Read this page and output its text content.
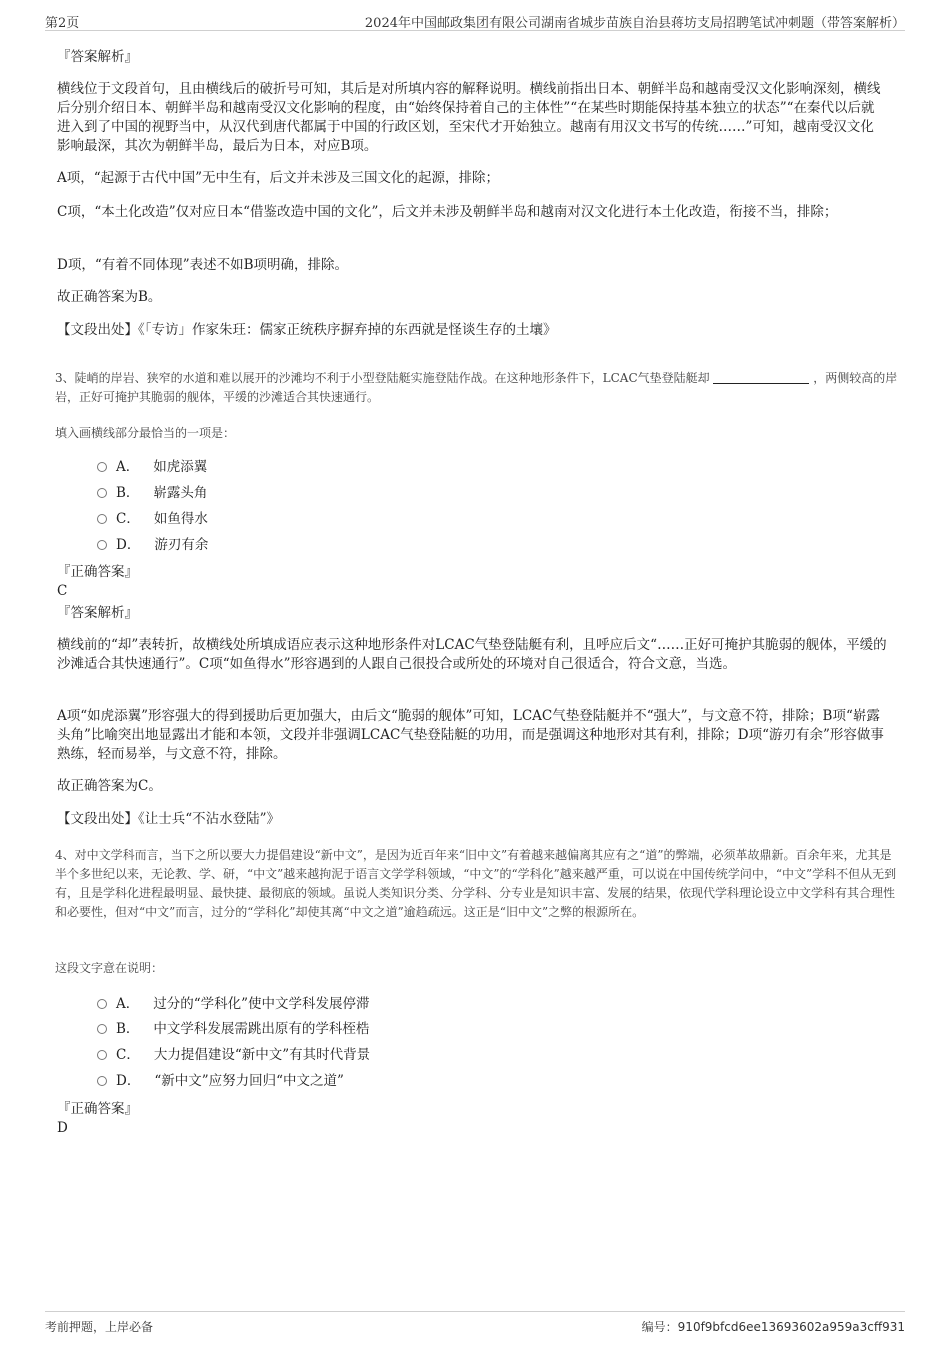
第2页	2024年中国邮政集团有限公司湖南省城步苗族自治县蒋坊支局招聘笔试冲刺题（带答案解析）
『答案解析』
横线位于文段首句，且由横线后的破折号可知，其后是对所填内容的解释说明。横线前指出日本、朝鲜半岛和越南受汉文化影响深刻，横线后分别介绍日本、朝鲜半岛和越南受汉文化影响的程度，由“始终保持着自己的主体性”“在某些时期能保持基本独立的状态”“在秦代以后就进入到了中国的视野当中，从汉代到唐代都属于中国的行政区划，至宋代才开始独立。越南有用汉文书写的传统……”可知，越南受汉文化影响最深，其次为朝鲜半岛，最后为日本，对应B项。
A项，“起源于古代中国”无中生有，后文并未涉及三国文化的起源，排除；
C项，“本土化改造”仅对应日本“借鉴改造中国的文化”，后文并未涉及朝鲜半岛和越南对汉文化进行本土化改造，衔接不当，排除；
D项，“有着不同体现”表述不如B项明确，排除。
故正确答案为B。
【文段出处】《「专访」作家朱玨：儒家正统秩序摒弃掉的东西就是怪谈生存的土壤》
3、陡峭的岸岩、狭窄的水道和难以展开的沙滩均不利于小型登陆艇实施登陆作战。在这种地形条件下，LCAC气垫登陆艇却	，两侧较高的岸岩，正好可掩护其脆弱的舰体，平缓的沙滩适合其快速通行。
填入画横线部分最恰当的一项是：
A． 如虎添翼
B． 崭露头角
C． 如鱼得水
D． 游刃有余
『正确答案』
C
『答案解析』
横线前的“却”表转折，故横线处所填成语应表示这种地形条件对LCAC气垫登陆艇有利，且呼应后文“……正好可掩护其脆弱的舰体，平缓的沙滩适合其快速通行”。C项“如鱼得水”形容遇到的人跟自己很投合或所处的环境对自己很适合，符合文意，当选。
A项“如虎添翼”形容强大的得到援助后更加强大，由后文“脆弱的舰体”可知，LCAC气垫登陆艇并不“强大”，与文意不符，排除；B项“崭露头角”比喻突出地显露出才能和本领，文段并非强调LCAC气垫登陆艇的功用，而是强调这种地形对其有利，排除；D项“游刃有余”形容做事熟练，轻而易举，与文意不符，排除。
故正确答案为C。
【文段出处】《让士兵“不沾水登陆”》
4、对中文学科而言，当下之所以要大力提倡建设“新中文”，是因为近百年来“旧中文”有着越来越偏离其应有之“道”的弊端，必须革故鼎新。百余年来，尤其是半个多世纪以来，无论教、学、研，“中文”越来越拘泥于语言文学学科领域，“中文”的“学科化”越来越严重，可以说在中国传统学问中，“中文”学科不但从无到有，且是学科化进程最明显、最快捷、最彻底的领域。虽说人类知识分类、分学科、分专业是知识丰富、发展的结果，依现代学科理论设立中文学科有其合理性和必要性，但对“中文”而言，过分的“学科化”却使其离“中文之道”逾趋疏远。这正是“旧中文”之弊的根源所在。
这段文字意在说明：
A． 过分的“学科化”使中文学科发展停滞
B． 中文学科发展需跳出原有的学科桎梏
C． 大力提倡建设“新中文”有其时代背景
D． “新中文”应努力回归“中文之道”
『正确答案』
D
考前押题，上岸必备	编号：910f9bfcd6ee13693602a959a3cff931
